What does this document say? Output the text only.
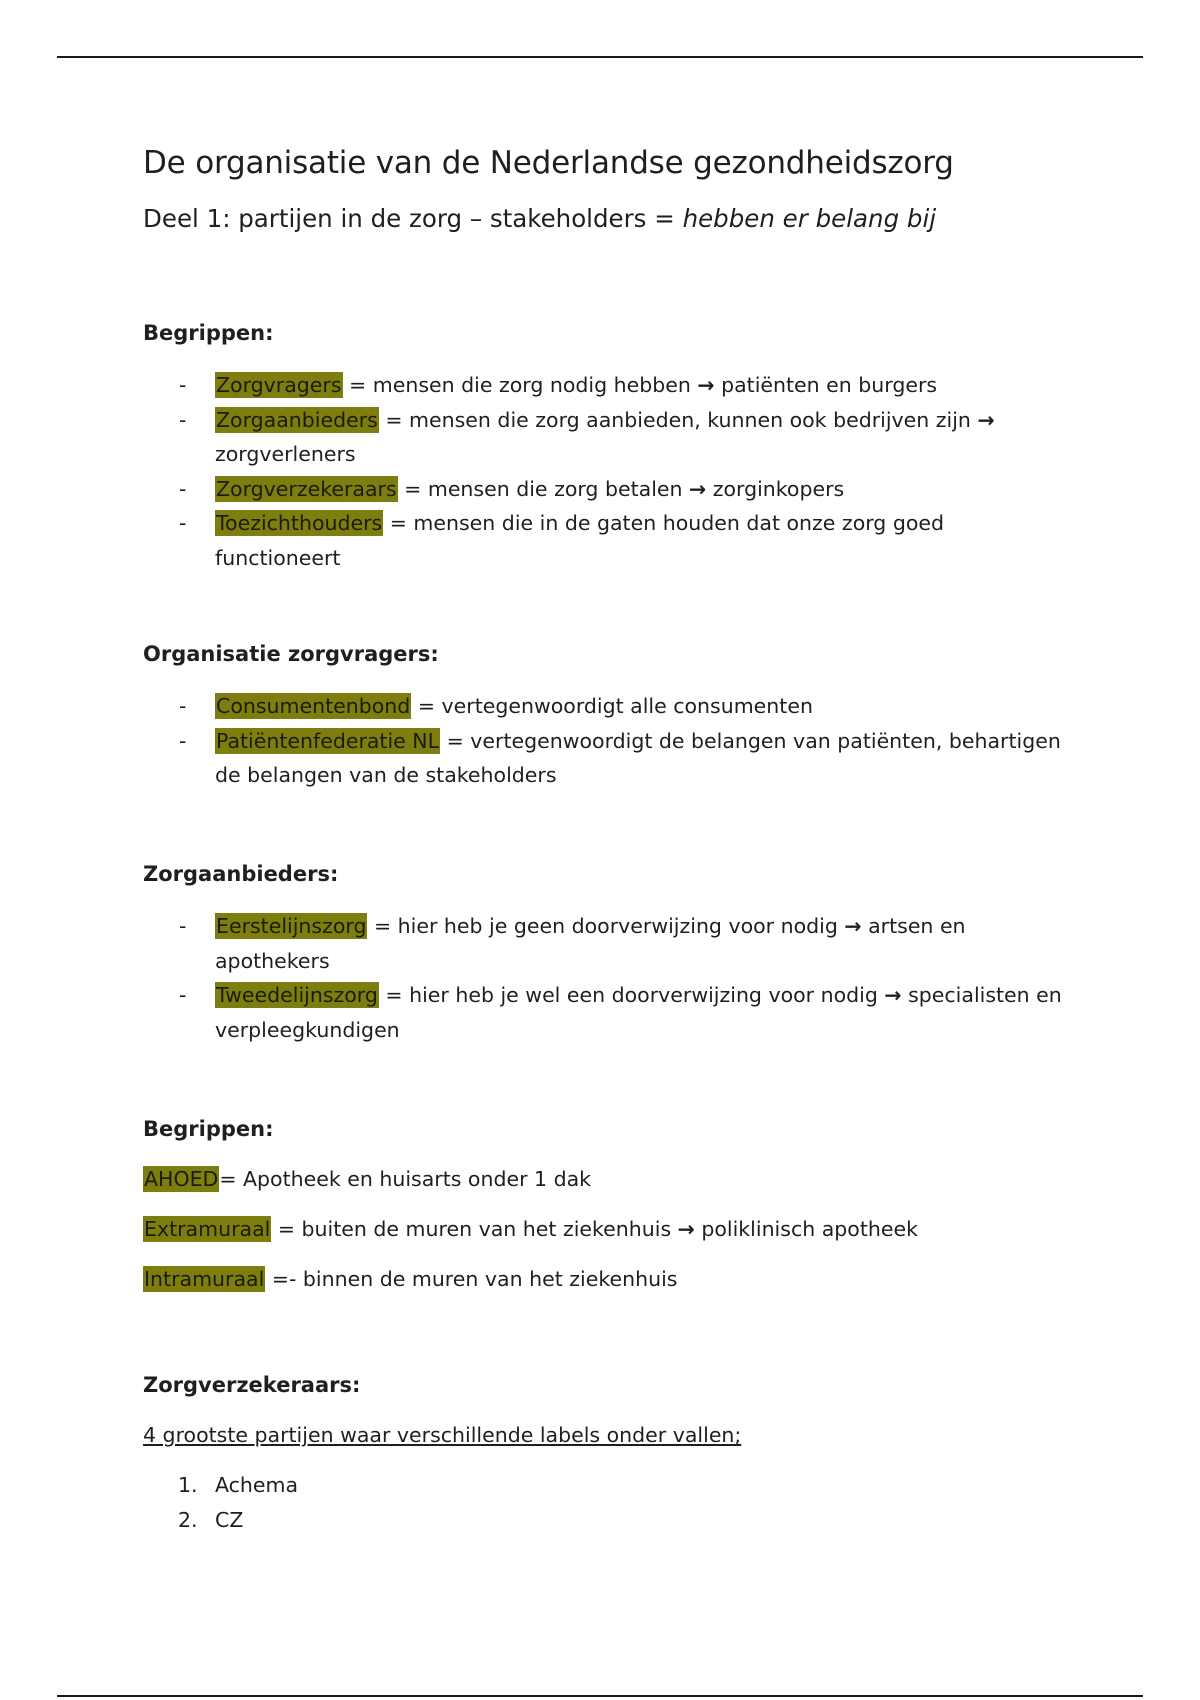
De organisatie van de Nederlandse gezondheidszorg

Deel 1: partijen in de zorg – stakeholders = hebben er belang bij

Begrippen:
- Zorgvragers = mensen die zorg nodig hebben → patiënten en burgers
- Zorgaanbieders = mensen die zorg aanbieden, kunnen ook bedrijven zijn → zorgverleners
- Zorgverzekeraars = mensen die zorg betalen → zorginkopers
- Toezichthouders = mensen die in de gaten houden dat onze zorg goed functioneert
Organisatie zorgvragers:
- Consumentenbond = vertegenwoordigt alle consumenten
- Patiëntenfederatie NL = vertegenwoordigt de belangen van patiënten, behartigen de belangen van de stakeholders
Zorgaanbieders:
- Eerstelijnszorg = hier heb je geen doorverwijzing voor nodig → artsen en apothekers
- Tweedelijnszorg = hier heb je wel een doorverwijzing voor nodig → specialisten en verpleegkundigen
Begrippen:

AHOED= Apotheek en huisarts onder 1 dak

Extramuraal = buiten de muren van het ziekenhuis → poliklinisch apotheek

Intramuraal =- binnen de muren van het ziekenhuis

Zorgverzekeraars:

4 grootste partijen waar verschillende labels onder vallen;

1. Achema
2. CZ
